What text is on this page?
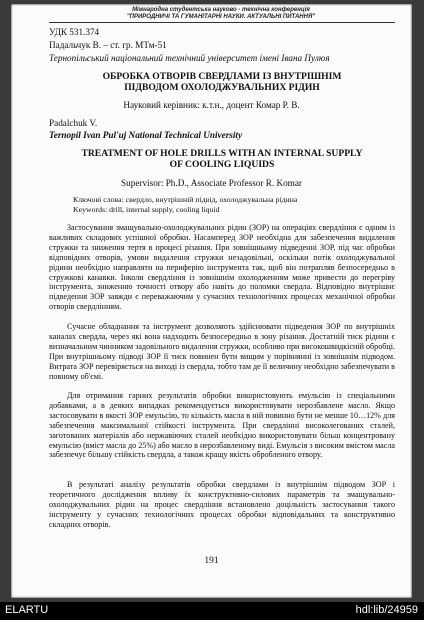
Міжнародна студентська науково - технічна конференція
"ПРИРОДНИЧІ ТА ГУМАНІТАРНІ НАУКИ. АКТУАЛЬНІ ПИТАННЯ"
УДК 531.374
Падальчук В. – ст. гр. МТм-51
Тернопільський національний технічний університет імені Івана Пулюя
ОБРОБКА ОТВОРІВ СВЕРДЛАМИ ІЗ ВНУТРІШНІМ
ПІДВОДОМ ОХОЛОДЖУВАЛЬНИХ РІДИН
Науковий керівник: к.т.н., доцент Комар Р. В.
Padalchuk V.
Ternopil Ivan Pul'uj National Technical University
TREATMENT OF HOLE DRILLS WITH AN INTERNAL SUPPLY
OF COOLING LIQUIDS
Supervisor: Ph.D., Associate Professor R. Komar
Ключові слова: свердло, внутрішній підвід, охолоджувальна рідина
Keywords: drill, internal supply, cooling liquid
Застосування змащувально-охолоджувальних рідин (ЗОР) на операціях свердління є одним із важливих складових успішної обробки. Насамперед ЗОР необхідна для забезпечення видалення стружки та зниження тертя в процесі різання. При зовнішньому підведенні ЗОР, під час обробки відповідних отворів, умови видалення стружки незадовільні, оскільки потік охолоджувальної рідини необхідно направляти на периферію інструмента так, щоб він потрапляв безпосередньо в стружкові канавки. Інколи свердління із зовнішнім охолодженням може привести до перегріву інструмента, зниженню точності отвору або навіть до поломки свердла. Відповідно внутрішнє підведення ЗОР завжди є переважаючим у сучасних технологічних процесах механічної обробки отворів свердлінням.
Сучасне обладнання та інструмент дозволяють здійснювати підведення ЗОР по внутрішніх каналах свердла, через які вона надходить безпосередньо в зону різання. Достатній тиск рідини є визначальним чинником задовільного видалення стружки, особливо при високошвидкісній обробці. При внутрішньому підводі ЗОР її тиск повинен бути вищим у порівнянні із зовнішнім підводом. Витрата ЗОР перевіряється на виході із свердла, тобто там де її величину необхідно забезпечувати в повному об'ємі.
Для отримання гарних результатів обробки використовують емульсію із спеціальними добавками, а в деяких випадках рекомендується використовувати нерозбавлене масло. Якщо застосовувати в якості ЗОР емульсію, то кількість масла в ній повинно бути не менше 10…12% для забезпечення максимальної стійкості інструмента. При свердлінні високолегованих сталей, заготованих матеріалів або нержавіючих сталей необхідно використовувати більш концентровану емульсію (вміст масла до 25%) або масло в нерозбавленому виді. Емульсія з високим вмістом масла забезпечує більшу стійкість свердла, а також кращу якість обробленого отвору.
В результаті аналізу результатів обробки свердлами із внутрішнім підводом ЗОР і теоретичного дослідження впливу їх конструктивно-силових параметрів та змащувально-охолоджувальних рідин на процес свердління встановлено доцільність застосування такого інструменту у сучасних технологічних процесах обробки відповідальних та конструктивно складних отворів.
191
ELARTU	hdl:lib/24959
